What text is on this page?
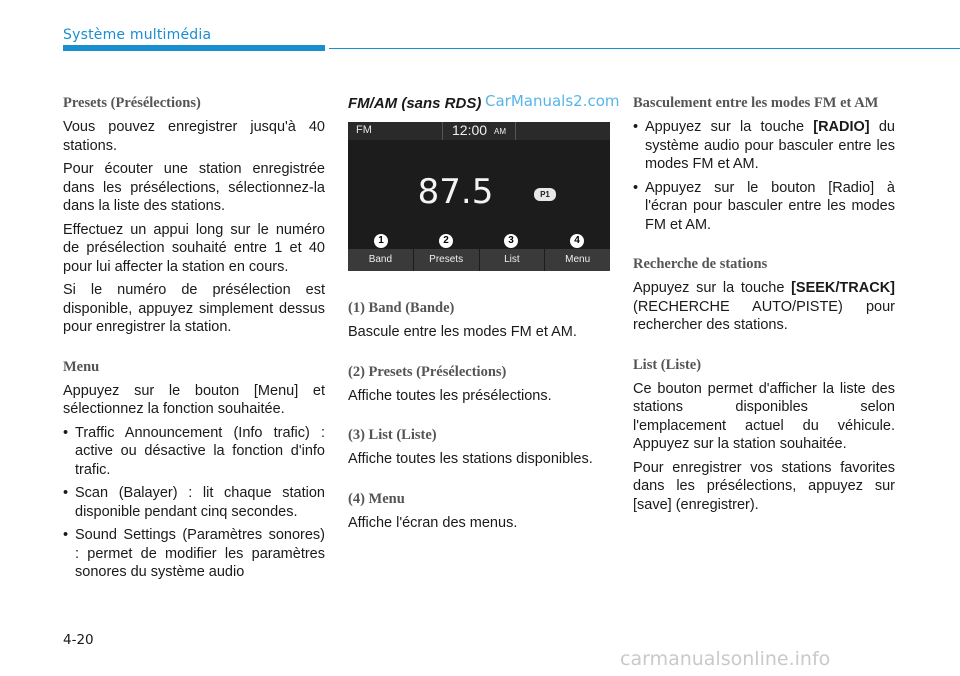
Système multimédia
Presets (Présélections)
Vous pouvez enregistrer jusqu'à 40 stations.
Pour écouter une station enregistrée dans les présélections, sélectionnez-la dans la liste des stations.
Effectuez un appui long sur le numéro de présélection souhaité entre 1 et 40 pour lui affecter la station en cours.
Si le numéro de présélection est disponible, appuyez simplement dessus pour enregistrer la station.
Menu
Appuyez sur le bouton [Menu] et sélectionnez la fonction souhaitée.
• Traffic Announcement (Info trafic) : active ou désactive la fonction d'info trafic.
• Scan (Balayer) : lit chaque station disponible pendant cinq secondes.
• Sound Settings (Paramètres sonores) : permet de modifier les paramètres sonores du système audio
FM/AM (sans RDS)
FM	12:00 AM
87.5	P1
1	2	3	4
Band	Presets	List	Menu
(1) Band (Bande)
Bascule entre les modes FM et AM.
(2) Presets (Présélections)
Affiche toutes les présélections.
(3) List (Liste)
Affiche toutes les stations disponibles.
(4) Menu
Affiche l'écran des menus.
Basculement entre les modes FM et AM
• Appuyez sur la touche [RADIO] du système audio pour basculer entre les modes FM et AM.
• Appuyez sur le bouton [Radio] à l'écran pour basculer entre les modes FM et AM.
Recherche de stations
Appuyez sur la touche [SEEK/TRACK] (RECHERCHE AUTO/PISTE) pour rechercher des stations.
List (Liste)
Ce bouton permet d'afficher la liste des stations disponibles selon l'emplacement actuel du véhicule. Appuyez sur la station souhaitée.
Pour enregistrer vos stations favorites dans les présélections, appuyez sur [save] (enregistrer).
CarManuals2.com
carmanualsonline.info
4-20
